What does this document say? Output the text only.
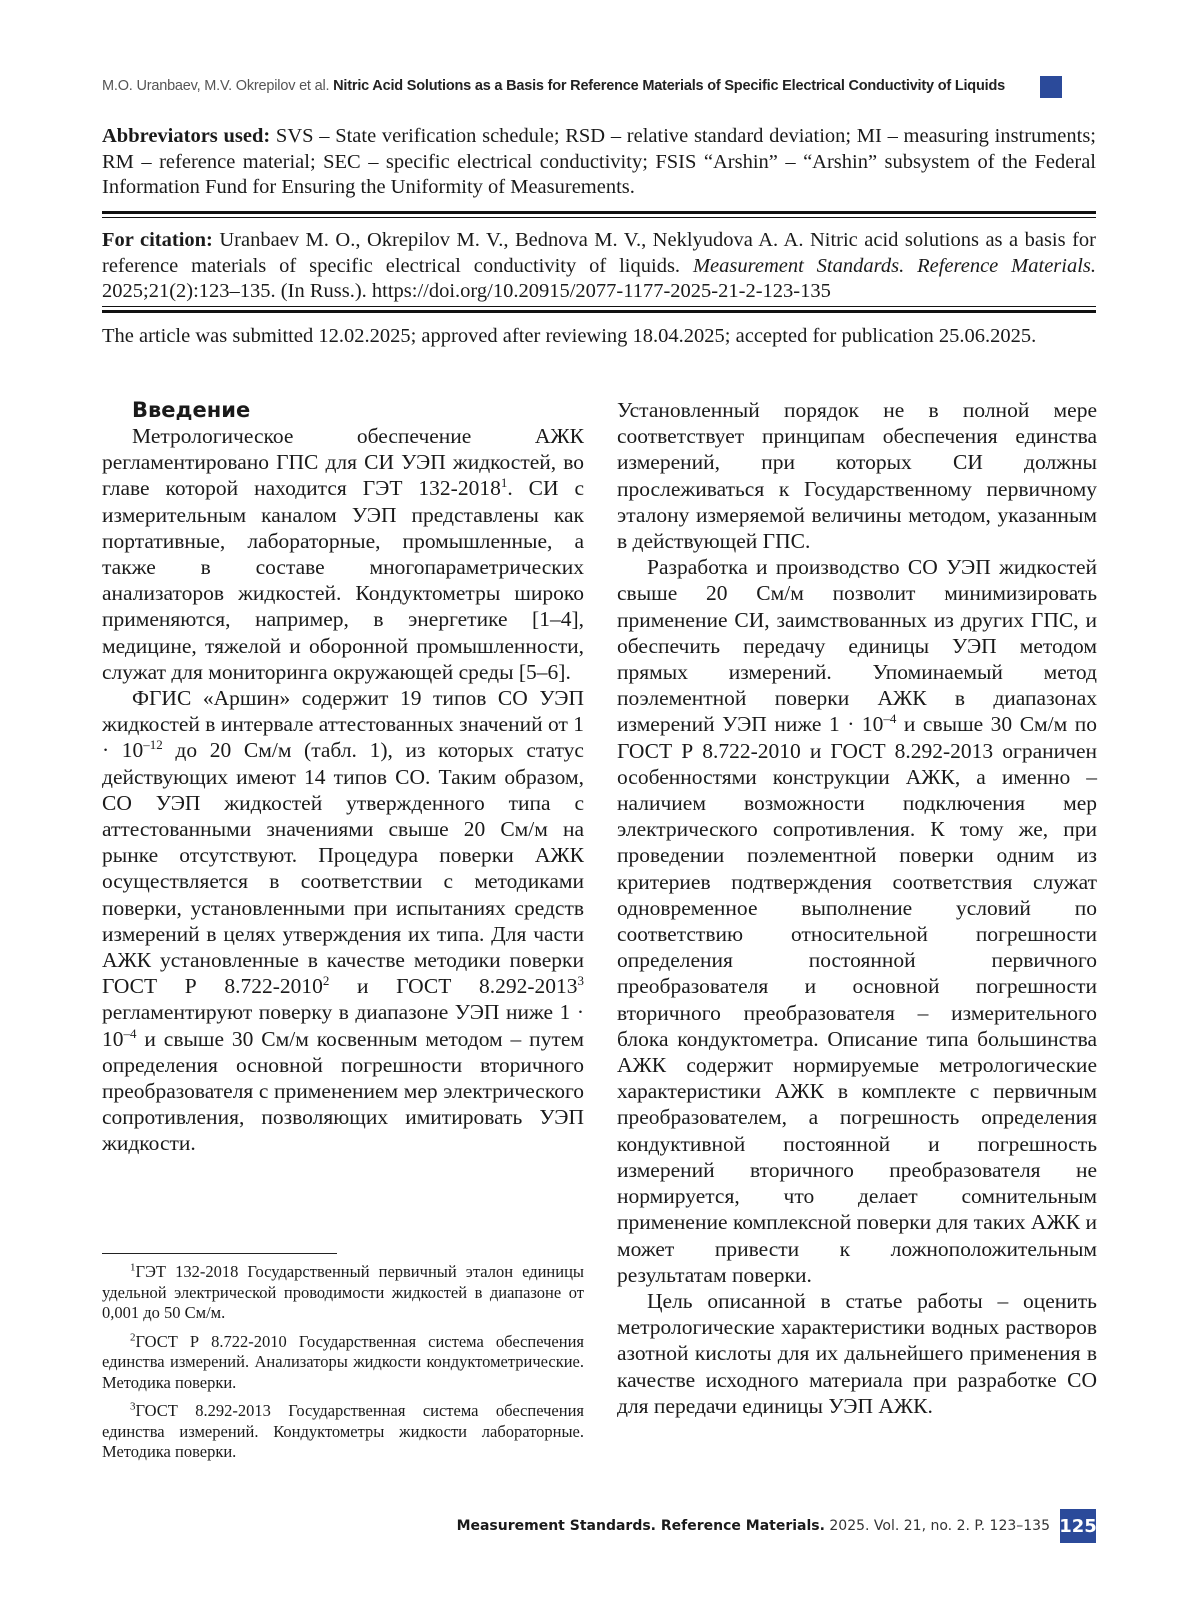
M.O. Uranbaev, M.V. Okrepilov et al. Nitric Acid Solutions as a Basis for Reference Materials of Specific Electrical Conductivity of Liquids
Abbreviators used: SVS – State verification schedule; RSD – relative standard deviation; MI – measuring instruments; RM – reference material; SEC – specific electrical conductivity; FSIS “Arshin” – “Arshin” subsystem of the Federal Information Fund for Ensuring the Uniformity of Measurements.
For citation: Uranbaev M. O., Okrepilov M. V., Bednova M. V., Neklyudova A. A. Nitric acid solutions as a basis for reference materials of specific electrical conductivity of liquids. Measurement Standards. Reference Materials. 2025;21(2):123–135. (In Russ.). https://doi.org/10.20915/2077-1177-2025-21-2-123-135
The article was submitted 12.02.2025; approved after reviewing 18.04.2025; accepted for publication 25.06.2025.
Введение

Метрологическое обеспечение АЖК регламентировано ГПС для СИ УЭП жидкостей, во главе которой находится ГЭТ 132-2018$^1$. СИ с измерительным каналом УЭП представлены как портативные, лабораторные, промышленные, а также в составе многопараметрических анализаторов жидкостей. Кондуктометры широко применяются, например, в энергетике [1–4], медицине, тяжелой и оборонной промышленности, служат для мониторинга окружающей среды [5–6].

ФГИС «Аршин» содержит 19 типов СО УЭП жидкостей в интервале аттестованных значений от $1 \cdot 10^{-12}$ до 20 См/м (табл. 1), из которых статус действующих имеют 14 типов СО. Таким образом, СО УЭП жидкостей утвержденного типа с аттестованными значениями свыше 20 См/м на рынке отсутствуют. Процедура поверки АЖК осуществляется в соответствии с методиками поверки, установленными при испытаниях средств измерений в целях утверждения их типа. Для части АЖК установленные в качестве методики поверки ГОСТ Р 8.722-2010$^2$ и ГОСТ 8.292-2013$^3$ регламентируют поверку в диапазоне УЭП ниже $1 \cdot 10^{-4}$ и свыше 30 См/м косвенным методом – путем определения основной погрешности вторичного преобразователя с применением мер электрического сопротивления, позволяющих имитировать УЭП жидкости.

$^1$ГЭТ 132-2018 Государственный первичный эталон единицы удельной электрической проводимости жидкостей в диапазоне от 0,001 до 50 См/м.

$^2$ГОСТ Р 8.722-2010 Государственная система обеспечения единства измерений. Анализаторы жидкости кондуктометрические. Методика поверки.

$^3$ГОСТ 8.292-2013 Государственная система обеспечения единства измерений. Кондуктометры жидкости лабораторные. Методика поверки.

Установленный порядок не в полной мере соответствует принципам обеспечения единства измерений, при которых СИ должны прослеживаться к Государственному первичному эталону измеряемой величины методом, указанным в действующей ГПС.

Разработка и производство СО УЭП жидкостей свыше 20 См/м позволит минимизировать применение СИ, заимствованных из других ГПС, и обеспечить передачу единицы УЭП методом прямых измерений. Упоминаемый метод поэлементной поверки АЖК в диапазонах измерений УЭП ниже $1 \cdot 10^{-4}$ и свыше 30 См/м по ГОСТ Р 8.722-2010 и ГОСТ 8.292-2013 ограничен особенностями конструкции АЖК, а именно – наличием возможности подключения мер электрического сопротивления. К тому же, при проведении поэлементной поверки одним из критериев подтверждения соответствия служат одновременное выполнение условий по соответствию относительной погрешности определения постоянной первичного преобразователя и основной погрешности вторичного преобразователя – измерительного блока кондуктометра. Описание типа большинства АЖК содержит нормируемые метрологические характеристики АЖК в комплекте с первичным преобразователем, а погрешность определения кондуктивной постоянной и погрешность измерений вторичного преобразователя не нормируется, что делает сомнительным применение комплексной поверки для таких АЖК и может привести к ложноположительным результатам поверки.

Цель описанной в статье работы – оценить метрологические характеристики водных растворов азотной кислоты для их дальнейшего применения в качестве исходного материала при разработке СО для передачи единицы УЭП АЖК.

Measurement Standards. Reference Materials. 2025. Vol. 21, no. 2. P. 123–135 125
